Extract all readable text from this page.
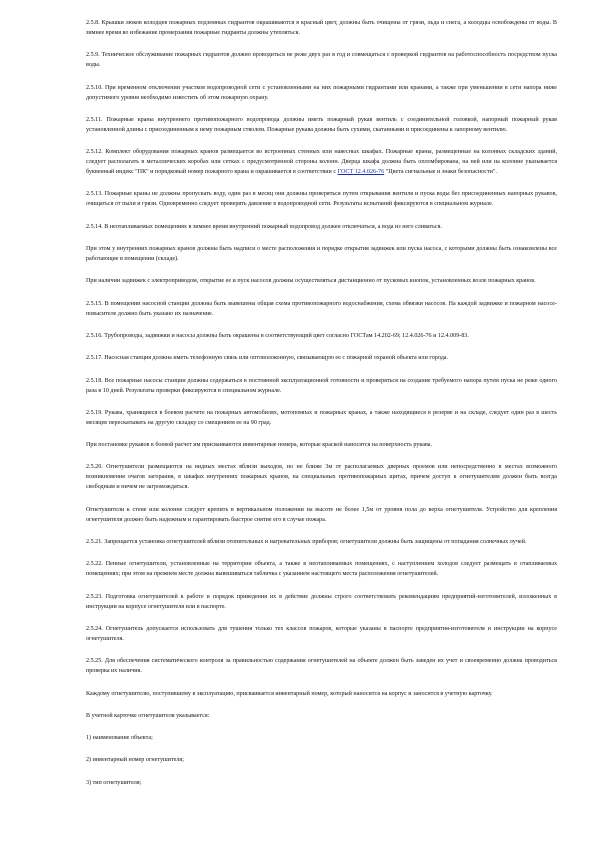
2.5.8. Крышки люков колодцев пожарных подземных гидрантов окрашиваются в красный цвет, должны быть очищены от грязи, льда и снега, а колодцы освобождены от воды. В зимнее время во избежание промерзания пожарные гидранты должны утепляться.

2.5.9. Техническое обслуживание пожарных гидрантов должно проводиться не реже двух раз в год и совмещаться с проверкой гидрантов на работоспособность посредством пуска воды.

2.5.10. При временном отключении участков водопроводной сети с установленными на них пожарными гидрантами или кранами, а также при уменьшении в сети напора ниже допустимого уровня необходимо известить об этом пожарную охрану.

2.5.11. Пожарные краны внутреннего противопожарного водопровода должны иметь пожарный рукав вентиль с соединительной головкой, напорный пожарный рукав установленной длины с присоединенным к нему пожарным стволом. Пожарные рукава должны быть сухими, скатанными и присоединены к запорному вентилю.

2.5.12. Комплект оборудования пожарных кранов размещается во встроенных стенных или навесных шкафах. Пожарные краны, размещенные на колоннах складских зданий, следует располагать в металлических коробах или сетках с предусмотренной стороны колонн. Дверца шкафа должна быть опломбирована, на ней или на колонне указывается буквенный индекс "ПК" и порядковый номер пожарного крана и окрашивается в соответствии с ГОСТ 12.4.026-76 "Цвета сигнальные и знаки безопасности".

2.5.13. Пожарные краны не должны пропускать воду, один раз в месяц они должны проверяться путем открывания вентиля и пуска воды без присоединенных напорных рукавов, очищаться от пыли и грязи. Одновременно следует проверять давление в водопроводной сети. Результаты испытаний фиксируются в специальном журнале.

2.5.14. В неотапливаемых помещениях в зимнее время внутренний пожарный водопровод должен отключаться, а вода из него сливаться.

При этом у внутренних пожарных кранов должны быть надписи о месте расположения и порядке открытия задвижек или пуска насоса, с которыми должны быть ознакомлены все работающие в помещении (складе).

При наличии задвижек с электроприводом, открытие ее и пуск насосов должны осуществляться дистанционно от пусковых кнопок, установленных возле пожарных кранов.

2.5.15. В помещении насосной станции должны быть вывешены общая схема противопожарного водоснабжения, схема обвязки насосов. На каждой задвижке и пожарном насосе-повысителе должно быть указано их назначение.

2.5.16. Трубопроводы, задвижки и насосы должны быть окрашены в соответствующий цвет согласно ГОСТам 14.202-69; 12.4.026-76 и 12.4.009-83.

2.5.17. Насосная станция должна иметь телефонную связь или оптоволоконную, связывающую ее с пожарной охраной объекта или города.

2.5.18. Все пожарные насосы станции должны содержаться в постоянной эксплуатационной готовности и проверяться на создание требуемого напора путем пуска не реже одного раза в 10 дней. Результаты проверки фиксируются в специальном журнале.

2.5.19. Рукава, хранящиеся в боевом расчете на пожарных автомобилях, мотопомпах и пожарных кранах, а также находящиеся в резерве и на складе, следует один раз в шесть месяцев перескатывать на другую складку со смещением ее на 90 град.

При постановке рукавов в боевой расчет им присваиваются инвентарные номера, которые краской наносятся на поверхность рукава.

2.5.20. Огнетушители размещаются на видных местах вблизи выходов, но не ближе 3м от располагаемых дверных проемов или непосредственно в местах возможного возникновения очагов загорания, в шкафах внутренних пожарных кранов, на специальных противопожарных щитах, причем доступ к огнетушителям должен быть всегда свободным и ничем не загромождаться.

Огнетушители к стене или колонне следует крепить в вертикальном положении на высоте не более 1,5м от уровня пола до верха огнетушителя. Устройство для крепления огнетушителя должно быть надежным и гарантировать быстрое снятие его в случае пожара.

2.5.21. Запрещается установка огнетушителей вблизи отопительных и нагревательных приборов; огнетушители должны быть защищены от попадания солнечных лучей.

2.5.22. Пенные огнетушители, установленные на территории объекта, а также в неотапливаемых помещениях, с наступлением холодов следует размещать в отапливаемых помещениях; при этом на прежнем месте должна вывешиваться табличка с указанием настоящего места расположения огнетушителей.

2.5.23. Подготовка огнетушителей к работе и порядок приведения их в действие должны строго соответствовать рекомендациям предприятий-изготовителей, изложенных в инструкции на корпусе огнетушителя или в паспорте.

2.5.24. Огнетушитель допускается использовать для тушения только тех классов пожаров, которые указаны в паспорте предприятия-изготовителя и инструкции на корпусе огнетушителя.

2.5.25. Для обеспечения систематического контроля за правильностью содержания огнетушителей на объекте должен быть заведен их учет и своевременно должна проводиться проверка их наличия.

Каждому огнетушителю, поступившему в эксплуатацию, присваивается инвентарный номер, который наносится на корпус и заносится в учетную карточку.

В учетной карточке огнетушителя указывается:

1) наименование объекта;

2) инвентарный номер огнетушителя;

3) тип огнетушителя;
